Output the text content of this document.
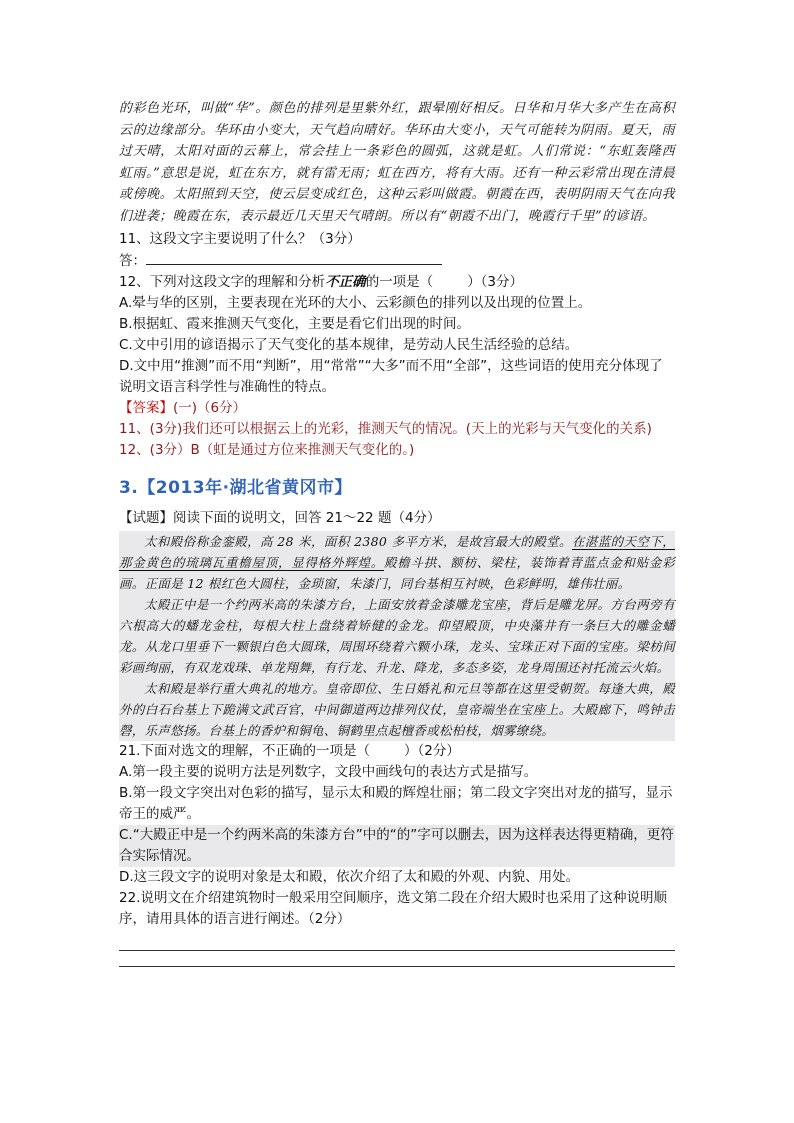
的彩色光环，叫做“华”。颜色的排列是里紫外红，跟晕刚好相反。日华和月华大多产生在高积云的边缘部分。华环由小变大，天气趋向晴好。华环由大变小，天气可能转为阴雨。夏天，雨过天晴，太阳对面的云幕上，常会挂上一条彩色的圆弧，这就是虹。人们常说：“东虹轰隆西虹雨。”意思是说，虹在东方，就有雷无雨；虹在西方，将有大雨。还有一种云彩常出现在清晨或傍晚。太阳照到天空，使云层变成红色，这种云彩叫做霞。朝霞在西，表明阴雨天气在向我们进袭；晚霞在东，表示最近几天里天气晴朗。所以有“朝霞不出门，晚霞行千里”的谚语。

11、这段文字主要说明了什么？（3分）

答：

12、下列对这段文字的理解和分析不正确的一项是（	）（3分）

A.晕与华的区别，主要表现在光环的大小、云彩颜色的排列以及出现的位置上。

B.根据虹、霞来推测天气变化，主要是看它们出现的时间。

C.文中引用的谚语揭示了天气变化的基本规律，是劳动人民生活经验的总结。

D.文中用“推测”而不用“判断”，用“常常”“大多”而不用“全部”，这些词语的使用充分体现了说明文语言科学性与准确性的特点。

【答案】(一)（6分）

11、(3分)我们还可以根据云上的光彩，推测天气的情况。(天上的光彩与天气变化的关系)

12、(3分）B（虹是通过方位来推测天气变化的。)

3.【2013年·湖北省黄冈市】

【试题】阅读下面的说明文，回答 21～22 题（4分）

太和殿俗称金銮殿，高 28 米，面积 2380 多平方米，是故宫最大的殿堂。在湛蓝的天空下，那金黄色的琉璃瓦重檐屋顶，显得格外辉煌。殿檐斗拱、额枋、梁柱，装饰着青蓝点金和贴金彩画。正面是 12 根红色大圆柱，金琐窗，朱漆门，同台基相互衬映，色彩鲜明，雄伟壮丽。

太殿正中是一个约两米高的朱漆方台，上面安放着金漆雕龙宝座，背后是雕龙屏。方台两旁有六根高大的蟠龙金柱，每根大柱上盘绕着矫健的金龙。仰望殿顶，中央藻井有一条巨大的雕金蟠龙。从龙口里垂下一颗银白色大圆珠，周围环绕着六颗小珠，龙头、宝珠正对下面的宝座。梁枋间彩画绚丽，有双龙戏珠、单龙翔舞，有行龙、升龙、降龙，多态多姿，龙身周围还衬托流云火焰。

太和殿是举行重大典礼的地方。皇帝即位、生日婚礼和元旦等都在这里受朝贺。每逢大典，殿外的白石台基上下跪满文武百官，中间御道两边排列仪仗，皇帝端坐在宝座上。大殿廊下，鸣钟击磬，乐声悠扬。台基上的香炉和铜龟、铜鹤里点起檀香或松柏枝，烟雾缭绕。

21.下面对选文的理解，不正确的一项是（	）（2分）

A.第一段主要的说明方法是列数字，文段中画线句的表达方式是描写。

B.第一段文字突出对色彩的描写，显示太和殿的辉煌壮丽；第二段文字突出对龙的描写，显示帝王的威严。

C.“大殿正中是一个约两米高的朱漆方台”中的“的”字可以删去，因为这样表达得更精确，更符合实际情况。

D.这三段文字的说明对象是太和殿，依次介绍了太和殿的外观、内貌、用处。

22.说明文在介绍建筑物时一般采用空间顺序，选文第二段在介绍大殿时也采用了这种说明顺序，请用具体的语言进行阐述。（2分）
